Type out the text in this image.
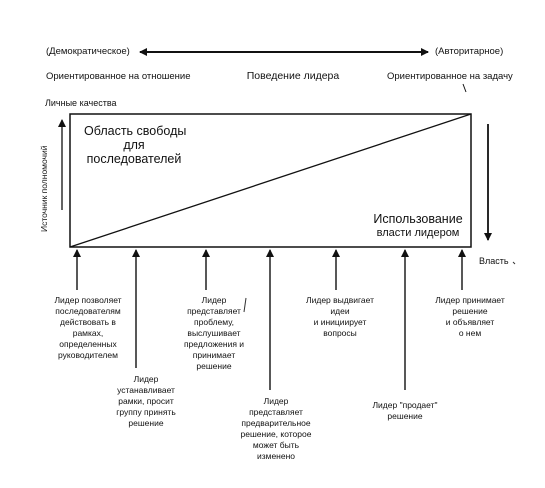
(Демократическое)	(Авторитарное)
Ориентированное на отношение	Поведение лидера	Ориентированное на задачу
Личные качества
Источник полномочий
Власть
Область свободы
для
последователей
Использование
власти лидером
Лидер позволяет
последователям
действовать в
рамках,
определенных
руководителем
Лидер
устанавливает
рамки, просит
группу принять
решение
Лидер
представляет
проблему,
выслушивает
предложения и
принимает
решение
Лидер
представляет
предварительное
решение, которое
может быть
изменено
Лидер выдвигает
идеи
и инициирует
вопросы
Лидер "продает"
решение
Лидер принимает
решение
и объявляет
о нем
